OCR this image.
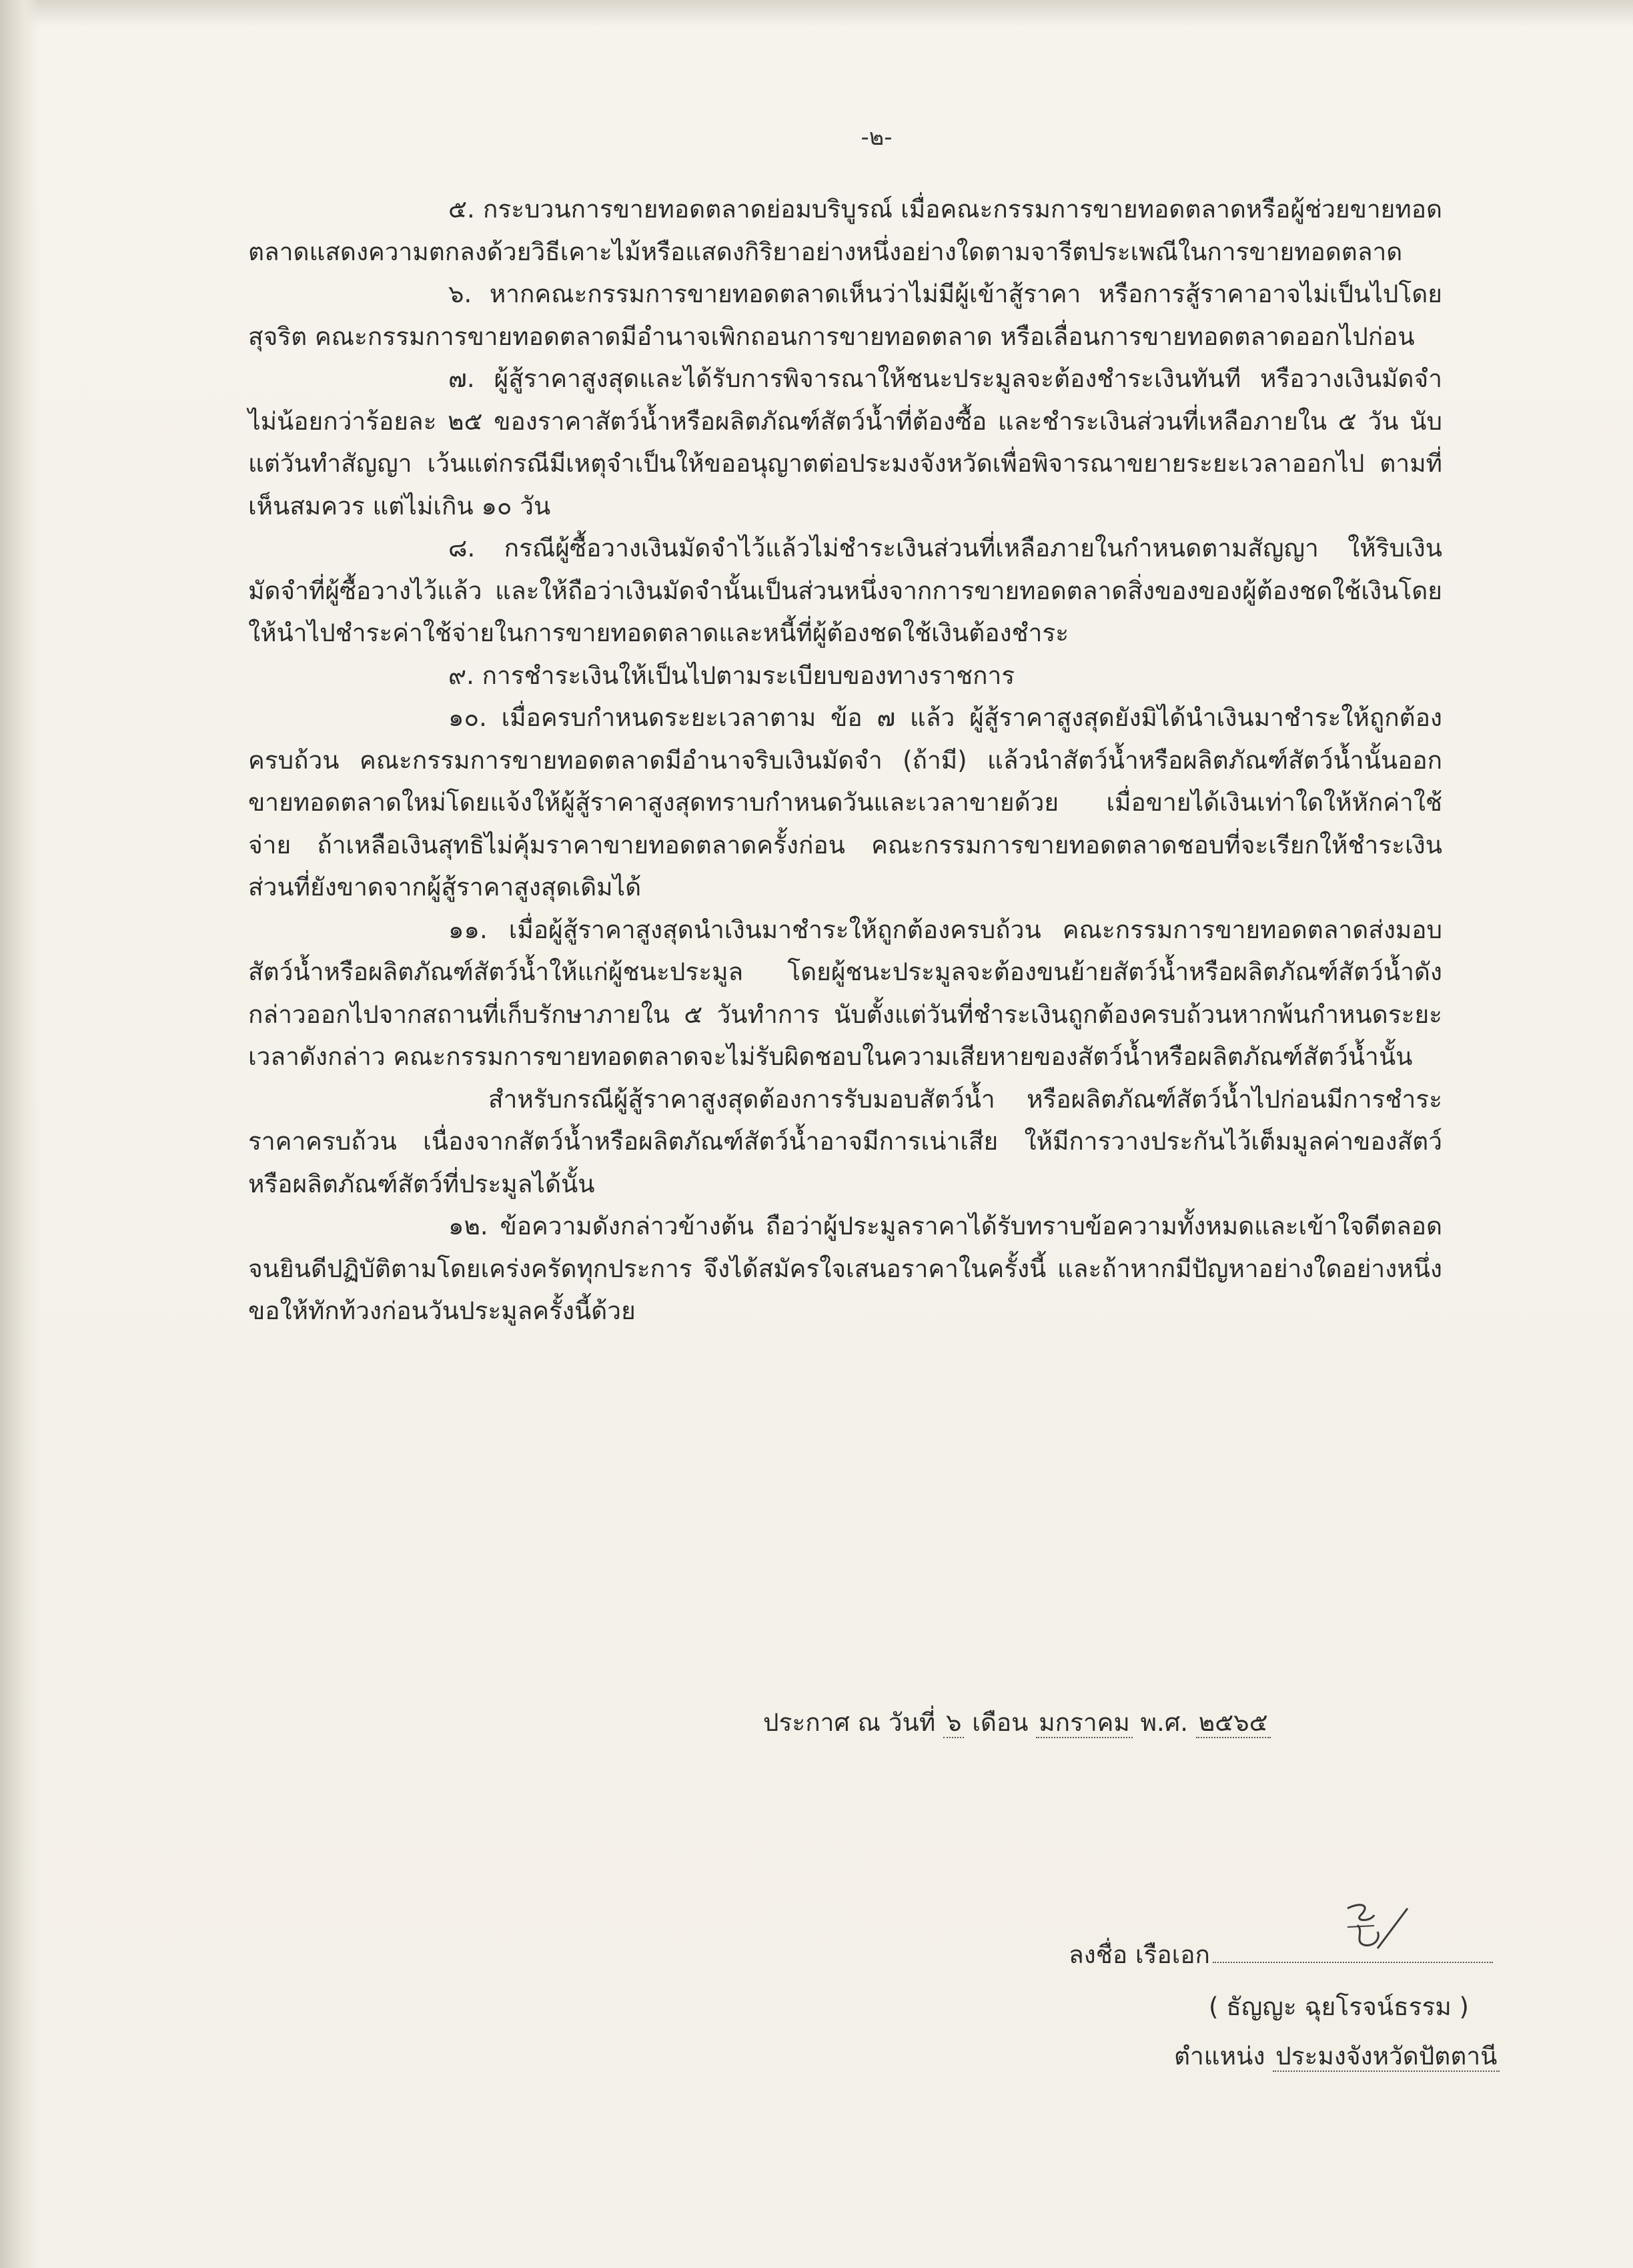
-๒-

๕. กระบวนการขายทอดตลาดย่อมบริบูรณ์ เมื่อคณะกรรมการขายทอดตลาดหรือผู้ช่วยขายทอดตลาดแสดงความตกลงด้วยวิธีเคาะไม้หรือแสดงกิริยาอย่างหนึ่งอย่างใดตามจารีตประเพณีในการขายทอดตลาด

๖. หากคณะกรรมการขายทอดตลาดเห็นว่าไม่มีผู้เข้าสู้ราคา หรือการสู้ราคาอาจไม่เป็นไปโดยสุจริต คณะกรรมการขายทอดตลาดมีอำนาจเพิกถอนการขายทอดตลาด หรือเลื่อนการขายทอดตลาดออกไปก่อน

๗. ผู้สู้ราคาสูงสุดและได้รับการพิจารณาให้ชนะประมูลจะต้องชำระเงินทันที หรือวางเงินมัดจำไม่น้อยกว่าร้อยละ ๒๕ ของราคาสัตว์น้ำหรือผลิตภัณฑ์สัตว์น้ำที่ต้องซื้อ และชำระเงินส่วนที่เหลือภายใน ๕ วัน นับแต่วันทำสัญญา เว้นแต่กรณีมีเหตุจำเป็นให้ขออนุญาตต่อประมงจังหวัดเพื่อพิจารณาขยายระยะเวลาออกไป ตามที่เห็นสมควร แต่ไม่เกิน ๑๐ วัน

๘. กรณีผู้ซื้อวางเงินมัดจำไว้แล้วไม่ชำระเงินส่วนที่เหลือภายในกำหนดตามสัญญา ให้ริบเงินมัดจำที่ผู้ซื้อวางไว้แล้ว และให้ถือว่าเงินมัดจำนั้นเป็นส่วนหนึ่งจากการขายทอดตลาดสิ่งของของผู้ต้องชดใช้เงินโดยให้นำไปชำระค่าใช้จ่ายในการขายทอดตลาดและหนี้ที่ผู้ต้องชดใช้เงินต้องชำระ

๙. การชำระเงินให้เป็นไปตามระเบียบของทางราชการ

๑๐. เมื่อครบกำหนดระยะเวลาตาม ข้อ ๗ แล้ว ผู้สู้ราคาสูงสุดยังมิได้นำเงินมาชำระให้ถูกต้องครบถ้วน คณะกรรมการขายทอดตลาดมีอำนาจริบเงินมัดจำ (ถ้ามี) แล้วนำสัตว์น้ำหรือผลิตภัณฑ์สัตว์น้ำนั้นออกขายทอดตลาดใหม่โดยแจ้งให้ผู้สู้ราคาสูงสุดทราบกำหนดวันและเวลาขายด้วย เมื่อขายได้เงินเท่าใดให้หักค่าใช้จ่าย ถ้าเหลือเงินสุทธิไม่คุ้มราคาขายทอดตลาดครั้งก่อน คณะกรรมการขายทอดตลาดชอบที่จะเรียกให้ชำระเงินส่วนที่ยังขาดจากผู้สู้ราคาสูงสุดเดิมได้

๑๑. เมื่อผู้สู้ราคาสูงสุดนำเงินมาชำระให้ถูกต้องครบถ้วน คณะกรรมการขายทอดตลาดส่งมอบสัตว์น้ำหรือผลิตภัณฑ์สัตว์น้ำให้แก่ผู้ชนะประมูล โดยผู้ชนะประมูลจะต้องขนย้ายสัตว์น้ำหรือผลิตภัณฑ์สัตว์น้ำดังกล่าวออกไปจากสถานที่เก็บรักษาภายใน ๕ วันทำการ นับตั้งแต่วันที่ชำระเงินถูกต้องครบถ้วนหากพ้นกำหนดระยะเวลาดังกล่าว คณะกรรมการขายทอดตลาดจะไม่รับผิดชอบในความเสียหายของสัตว์น้ำหรือผลิตภัณฑ์สัตว์น้ำนั้น

สำหรับกรณีผู้สู้ราคาสูงสุดต้องการรับมอบสัตว์น้ำ หรือผลิตภัณฑ์สัตว์น้ำไปก่อนมีการชำระราคาครบถ้วน เนื่องจากสัตว์น้ำหรือผลิตภัณฑ์สัตว์น้ำอาจมีการเน่าเสีย ให้มีการวางประกันไว้เต็มมูลค่าของสัตว์หรือผลิตภัณฑ์สัตว์ที่ประมูลได้นั้น

๑๒. ข้อความดังกล่าวข้างต้น ถือว่าผู้ประมูลราคาได้รับทราบข้อความทั้งหมดและเข้าใจดีตลอดจนยินดีปฏิบัติตามโดยเคร่งครัดทุกประการ จึงได้สมัครใจเสนอราคาในครั้งนี้ และถ้าหากมีปัญหาอย่างใดอย่างหนึ่งขอให้ทักท้วงก่อนวันประมูลครั้งนี้ด้วย

ประกาศ ณ วันที่ ๖ เดือน มกราคม พ.ศ. ๒๕๖๕
ลงชื่อ เรือเอก
( ธัญญะ ฉุยโรจน์ธรรม )
ตำแหน่ง ประมงจังหวัดปัตตานี
